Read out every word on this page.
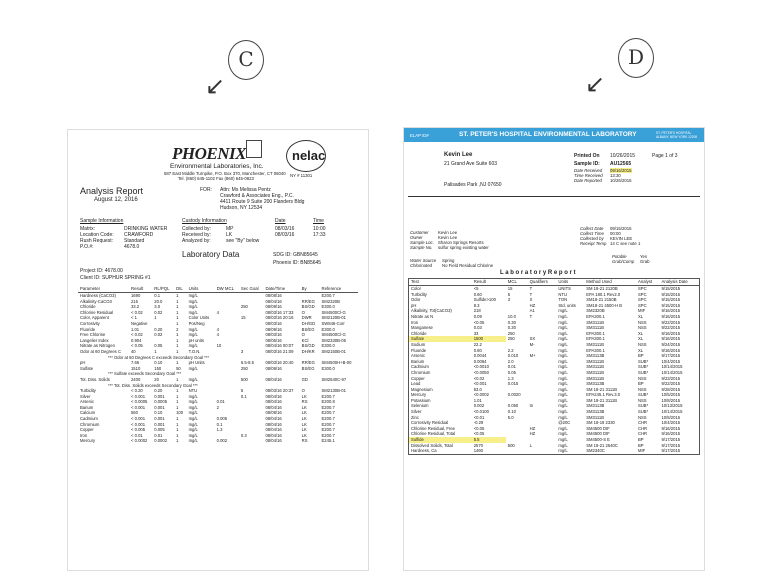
C
↙
D
↙
PHOENIX
Environmental Laboratories, Inc.
587 East Middle Turnpike, P.O. Box 370, Manchester, CT 06040
Tel. (860) 645-1102 Fax (860) 645-0823
nelac
NY # 11301
Analysis Report
August 12, 2016
FOR: Attn: Ms Melissa Pentz
Crawford & Associates Eng., P.C.
4411 Route 9 Suite 200 Flanders Bldg
Hudson, NY 12534
Sample Information
Matrix:	DRINKING WATER
Location Code: CRAWFORD
Rush Request: Standard
P.O.#:	4678.0
Custody Information
Collected by:	MP
Received by:	LK
Analyzed by:	see "By" below
Date	Time
08/03/16	10:00
08/03/16	17:33
Laboratory Data	SDG ID: GBN85645
Phoenix ID: BN85645
Project ID: 4678.00
Client ID: SUPHUR SPRING #1
Parameter	Result	RL/PQL	DIL	Units	DW MCL	Sec Goal	Date/Time	By	Reference
Hardness (CaCO3)	1690	0.1	1	mg/L			08/08/16		E200.7
Alkalinity-CaCO3	215	20.0	1	mg/L			08/04/16	RR/EG	SM2320B
Chloride	33.2	3.0	1	mg/L		250	08/09/16	BS/GD	E300.0
Chlorine Residual	< 0.02	0.02	1	mg/L	4		08/03/16 17:33	O	SM4500Cl-G
Color, Apparent	< 1	1	1	Color Units		15	08/03/16 20:16	DWR	SM2120B-01
Corrosivity	Negative		1	Pos/Neg			08/03/16	DH/GD	SW846-Corr
Fluoride	1.01	0.20	2	mg/L	4		08/09/16	BS/EG	E300.0
Free Chlorine	< 0.02	0.02	1	mg/L	4		08/03/16	O	SM4500Cl-G
Langelier Index	0.904		1	pH units			08/05/16	KCl	SM2330B-05
Nitrate as Nitrogen	< 0.05	0.05	1	mg/L	10		08/04/16 00:07	BS/GD	E300.0
Odor at 60 Degrees C	40	1	1	T.O.N.		3	08/03/16 21:09	DH/KR	SM2150B-01
*** Odor at 60 Degrees C exceeds Secondary Goal ***									
pH	7.66	0.10	1	pH Units		6.5-8.5	08/03/16 20:40	RR/EG	SM4500H+B-00
Sulfate	1510	150	50	mg/L		250	08/09/16	BS/EG	E300.0
*** Sulfate exceeds Secondary Goal ***									
Tot. Diss. Solids	2400	20	1	mg/L		500	08/04/16	GD	SM2540C-97
*** Tot. Diss. Solids exceeds Secondary Goal ***									
Turbidity	< 0.20	0.20	1	NTU		5	08/03/16 20:37	O	SM2130B-01
Silver	< 0.001	0.001	1	mg/L		0.1	08/04/16	LK	E200.7
Arsenic	< 0.0005	0.0005	1	mg/L	0.01		08/04/16	RS	E200.8
Barium	< 0.001	0.001	1	mg/L	2		08/04/16	LK	E200.7
Calcium	560	0.10	100	mg/L			08/08/16	LK	E200.7
Cadmium	< 0.001	0.001	1	mg/L	0.005		08/04/16	LK	E200.7
Chromium	< 0.001	0.001	1	mg/L	0.1		08/04/16	LK	E200.7
Copper	< 0.005	0.005	1	mg/L	1.3		08/04/16	LK	E200.7
Iron	< 0.01	0.01	1	mg/L		0.3	08/04/16	LK	E200.7
Mercury	< 0.0002	0.0002	1	mg/L	0.002		08/04/16	RS	E245.1
ELAP ID#	ST. PETER'S HOSPITAL ENVIRONMENTAL LABORATORY	ST. PETER'S HOSPITAL ALBANY, NEW YORK 12208
Kevin Lee
21 Grand Ave Suite 603
Palisades Park ,NJ 07650
Printed On 10/26/2015	Page 1 of 3
Sample ID: AU12565
Date Received 09/16/2015
Time Received 13:30
Date Reported 10/26/2015
Customer Kevin Lee
Owner	Kevin Lee
Sample Loc. Sharon Springs Resorts
Sample No. sulfur spring existing water
Collect Date 09/15/2015
Collect Time 00:00
Collected by KEVIN LEE
Receipt Temp 14 C see note 1
Water Source Spring
Chlorinated No Field Residual Chlorine
Potable	Yes
Grab/Comp Grab
L a b o r a t o r y R e p o r t
Test	Result	MCL	Qualifiers	Units	Method Used	Analyst	Analysis Date
Color	<5	15	T	UNITS	SM 18-21 2120B	SPC	9/15/2015
Turbidity	0.60	5	T	NTU	EPA 180.1 Rev2.0	SPC	9/15/2015
Odor	Sulfide>100	3	X	TON	SM18-21 2150B	SPC	9/15/2015
pH	8.3		HZ	Std. units	SM18-21 4500-H B	SPC	9/15/2015
Alkalinity, Tot(CaCO3)	218		A1	mg/L	SM2320B	MIF	9/16/2015
Nitrate as N	0.09	10.0	T	mg/L	EPA300.1	XL	9/16/2015
Iron	<0.05	0.30		mg/L	SM3111B	NSS	9/22/2015
Manganese	0.03	0.30		mg/L	SM3111B	NSS	9/22/2015
Chloride	33	250		mg/L	EPA300.1	XL	9/16/2015
Sulfate	1500	250	SX	mg/L	EPA300.1	XL	9/16/2015
Sodium	22.2		M-	mg/L	SM3111B	NSS	9/24/2015
Fluoride	0.80	2.2		mg/L	EPA300.1	XL	9/16/2015
Arsenic	0.0044	0.010	M+	mg/L	SM3113B	BP	9/17/2015
Barium	0.0064	2.0		mg/L	SM3111B	SUB*	10/4/2015
Cadmium	<0.0010	0.01		mg/L	SM3111B	SUB*	10/14/2015
Chromium	<0.0050	0.05		mg/L	SM3111B	SUB*	10/14/2015
Copper	<0.02	1.3		mg/L	SM3111B	NSS	9/23/2015
Lead	<0.001	0.015		mg/L	SM3113B	BP	9/22/2015
Magnesium	63.0			mg/L	SM 18-21 3111B	NSS	9/28/2015
Mercury	<0.0002	0.0020		mg/L	EPA245.1 Rev.3.0	SUB*	10/5/2015
Potassium	1.01			mg/L	SM 18-21 3111B	NSS	10/8/2015
Selenium	0.002	0.050	tn	mg/L	SM3113B	SUB*	10/13/2015
Silver	<0.0100	0.10		mg/L	SM3113B	SUB*	10/14/2015
Zinc	<0.01	5.0		mg/L	SM3111B	NSS	10/8/2015
Corrosivity Residual	-0.29			@20C	SM 18-19 2330	CHR	10/4/2015
Chlorine Residual, Free	<0.05		HZ	mg/L	SM4500 DIF	CHR	9/16/2015
Chlorine Residual, Total	<0.05		HZ	mg/L	SM4500 DIF	CHR	9/16/2015
Sulfide	5.5			mg/L	SM4500-S E	BP	9/17/2015
Dissolved Solids, Total	2570	500	L	mg/L	SM 18-21 2540C	BP	9/17/2015
Hardness, Ca	1460			mg/L	SM2340C	MIF	9/17/2015
